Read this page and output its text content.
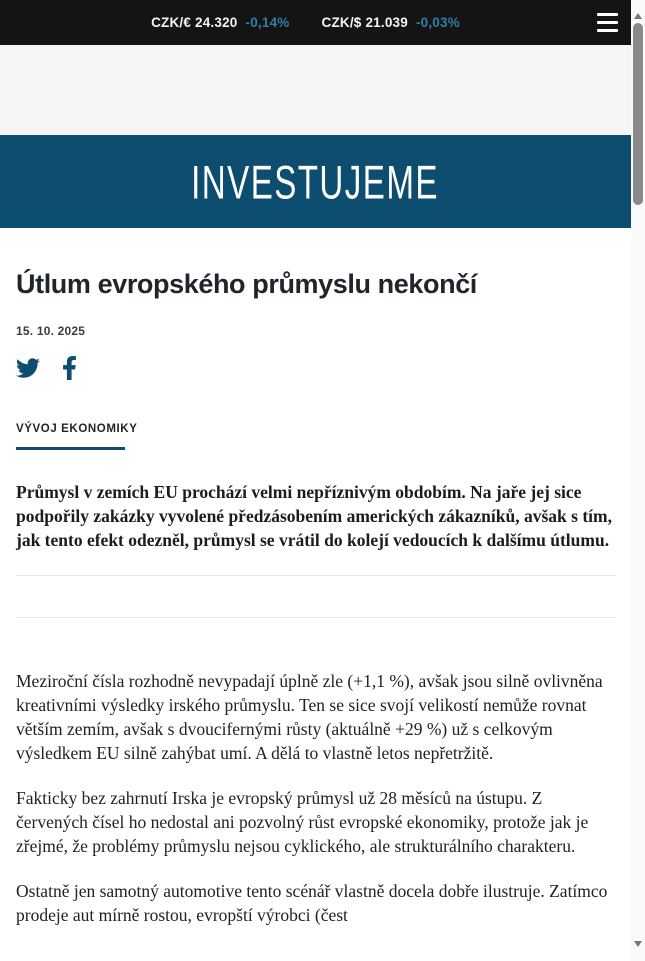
CZK/€ 24.320 -0,14% CZK/$ 21.039 -0,03%
INVESTUJEME
Útlum evropského průmyslu nekončí
15. 10. 2025
VÝVOJ EKONOMIKY

Průmysl v zemích EU prochází velmi nepříznivým obdobím. Na jaře jej sice podpořily zakázky vyvolené předzásobením amerických zákazníků, avšak s tím, jak tento efekt odezněl, průmysl se vrátil do kolejí vedoucích k dalšímu útlumu.

Meziroční čísla rozhodně nevypadají úplně zle (+1,1 %), avšak jsou silně ovlivněna kreativními výsledky irského průmyslu. Ten se sice svojí velikostí nemůže rovnat větším zemím, avšak s dvoucifernými růsty (aktuálně +29 %) už s celkovým výsledkem EU silně zahýbat umí. A dělá to vlastně letos nepřetržitě.

Fakticky bez zahrnutí Irska je evropský průmysl už 28 měsíců na ústupu. Z červených čísel ho nedostal ani pozvolný růst evropské ekonomiky, protože jak je zřejmé, že problémy průmyslu nejsou cyklického, ale strukturálního charakteru.

Ostatně jen samotný automotive tento scénář vlastně docela dobře ilustruje. Zatímco prodeje aut mírně rostou, evropští výrobci (čest
